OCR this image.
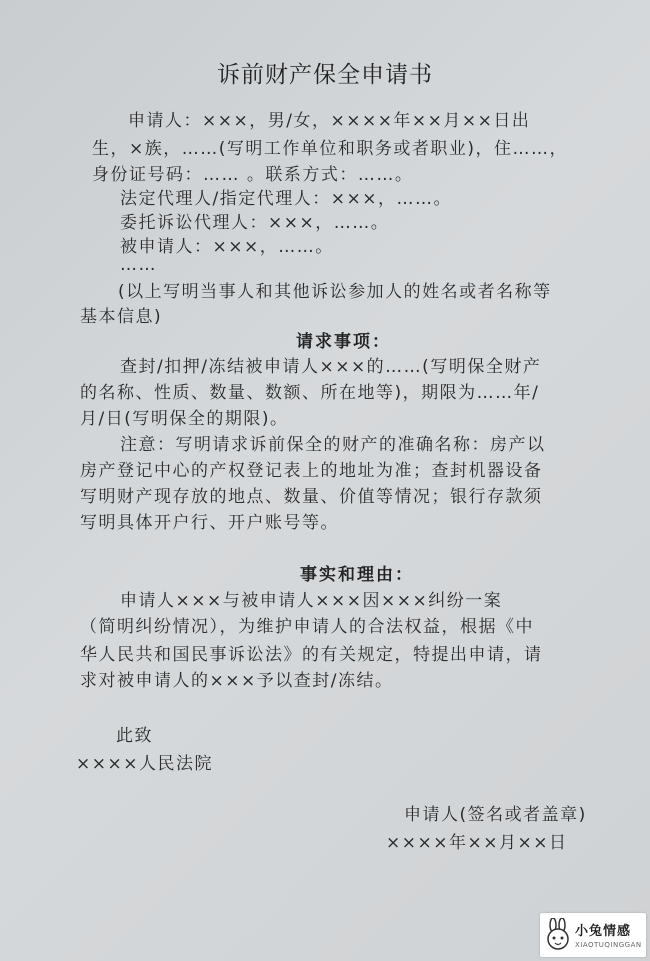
诉前财产保全申请书
申请人：×××，男/女，××××年××月××日出
生，×族，……(写明工作单位和职务或者职业)，住……，
身份证号码：…… 。联系方式：……。
法定代理人/指定代理人：×××，……。
委托诉讼代理人：×××，……。
被申请人：×××，……。
……
(以上写明当事人和其他诉讼参加人的姓名或者名称等
基本信息)
请求事项：
查封/扣押/冻结被申请人×××的……(写明保全财产
的名称、性质、数量、数额、所在地等)，期限为……年/
月/日(写明保全的期限)。
注意：写明请求诉前保全的财产的准确名称：房产以
房产登记中心的产权登记表上的地址为准；查封机器设备
写明财产现存放的地点、数量、价值等情况；银行存款须
写明具体开户行、开户账号等。
事实和理由：
申请人×××与被申请人×××因×××纠纷一案
（简明纠纷情况），为维护申请人的合法权益，根据《中
华人民共和国民事诉讼法》的有关规定，特提出申请，请
求对被申请人的×××予以查封/冻结。
此致
××××人民法院
申请人(签名或者盖章)
××××年××月××日
小兔情感
XIAOTUQINGGAN
